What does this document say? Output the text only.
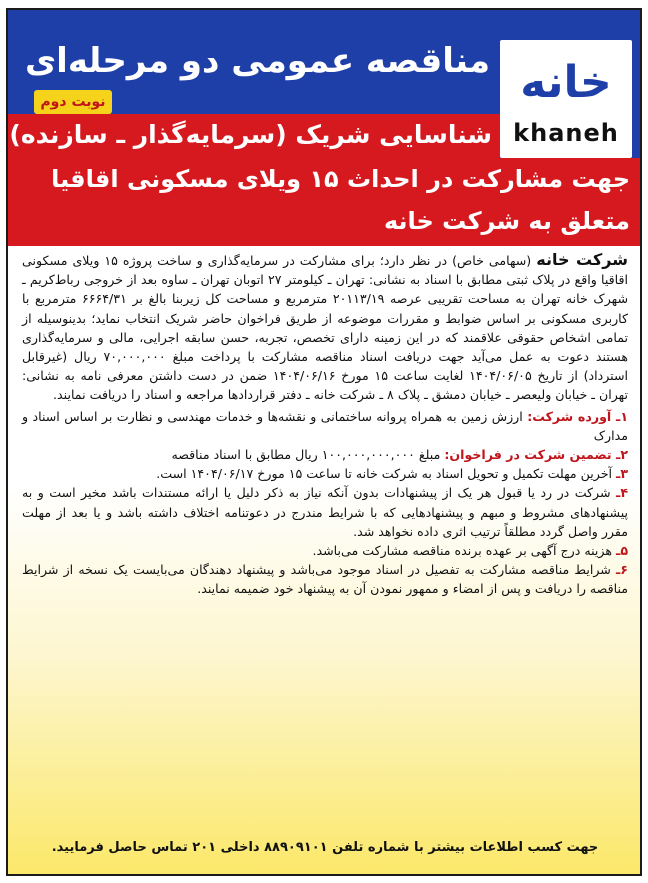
مناقصه عمومی دو مرحله‌ای خانه
khaneh
نوبت دوم
شناسایی شریک (سرمایه‌گذار ـ سازنده)
جهت مشارکت در احداث ۱۵ ویلای مسکونی اقاقیا
متعلق به شرکت خانه

شرکت خانه (سهامی خاص) در نظر دارد؛ برای مشارکت در سرمایه‌گذاری و ساخت پروژه ۱۵ ویلای مسکونی اقاقیا واقع در پلاک ثبتی مطابق با اسناد به نشانی: تهران ـ کیلومتر ۲۷ اتوبان تهران ـ ساوه بعد از خروجی رباط‌کریم ـ شهرک خانه تهران به مساحت تقریبی عرصه ۲۰۱۱۳/۱۹ مترمربع و مساحت کل زیربنا بالغ بر ۶۶۶۴/۳۱ مترمربع با کاربری مسکونی بر اساس ضوابط و مقررات موضوعه از طریق فراخوان حاضر شریک انتخاب نماید؛ بدینوسیله از تمامی اشخاص حقوقی علاقمند که در این زمینه دارای تخصص، تجربه، حسن سابقه اجرایی، مالی و سرمایه‌گذاری هستند دعوت به عمل می‌آید جهت دریافت اسناد مناقصه مشارکت با پرداخت مبلغ ۷۰,۰۰۰,۰۰۰ ریال (غیرقابل استرداد) از تاریخ ۱۴۰۴/۰۶/۰۵ لغایت ساعت ۱۵ مورخ ۱۴۰۴/۰۶/۱۶ ضمن در دست داشتن معرفی نامه به نشانی: تهران ـ خیابان ولیعصر ـ خیابان دمشق ـ پلاک ۸ ـ شرکت خانه ـ دفتر قراردادها مراجعه و اسناد را دریافت نمایند.

۱ـ آورده شرکت: ارزش زمین به همراه پروانه ساختمانی و نقشه‌ها و خدمات مهندسی و نظارت بر اساس اسناد و مدارک

۲ـ تضمین شرکت در فراخوان: مبلغ ۱۰۰,۰۰۰,۰۰۰,۰۰۰ ریال مطابق با اسناد مناقصه

۳ـ آخرین مهلت تکمیل و تحویل اسناد به شرکت خانه تا ساعت ۱۵ مورخ ۱۴۰۴/۰۶/۱۷ است.

۴ـ شرکت در رد یا قبول هر یک از پیشنهادات بدون آنکه نیاز به ذکر دلیل یا ارائه مستندات باشد مخیر است و به پیشنهادهای مشروط و مبهم و پیشنهادهایی که با شرایط مندرج در دعوتنامه اختلاف داشته باشد و یا بعد از مهلت مقرر واصل گردد مطلقاً ترتیب اثری داده نخواهد شد.

۵ـ هزینه درج آگهی بر عهده برنده مناقصه مشارکت می‌باشد.

۶ـ شرایط مناقصه مشارکت به تفصیل در اسناد موجود می‌باشد و پیشنهاد دهندگان می‌بایست یک نسخه از شرایط مناقصه را دریافت و پس از امضاء و ممهور نمودن آن به پیشنهاد خود ضمیمه نمایند.

جهت کسب اطلاعات بیشتر با شماره تلفن ۸۸۹۰۹۱۰۱ داخلی ۲۰۱ تماس حاصل فرمایید.
